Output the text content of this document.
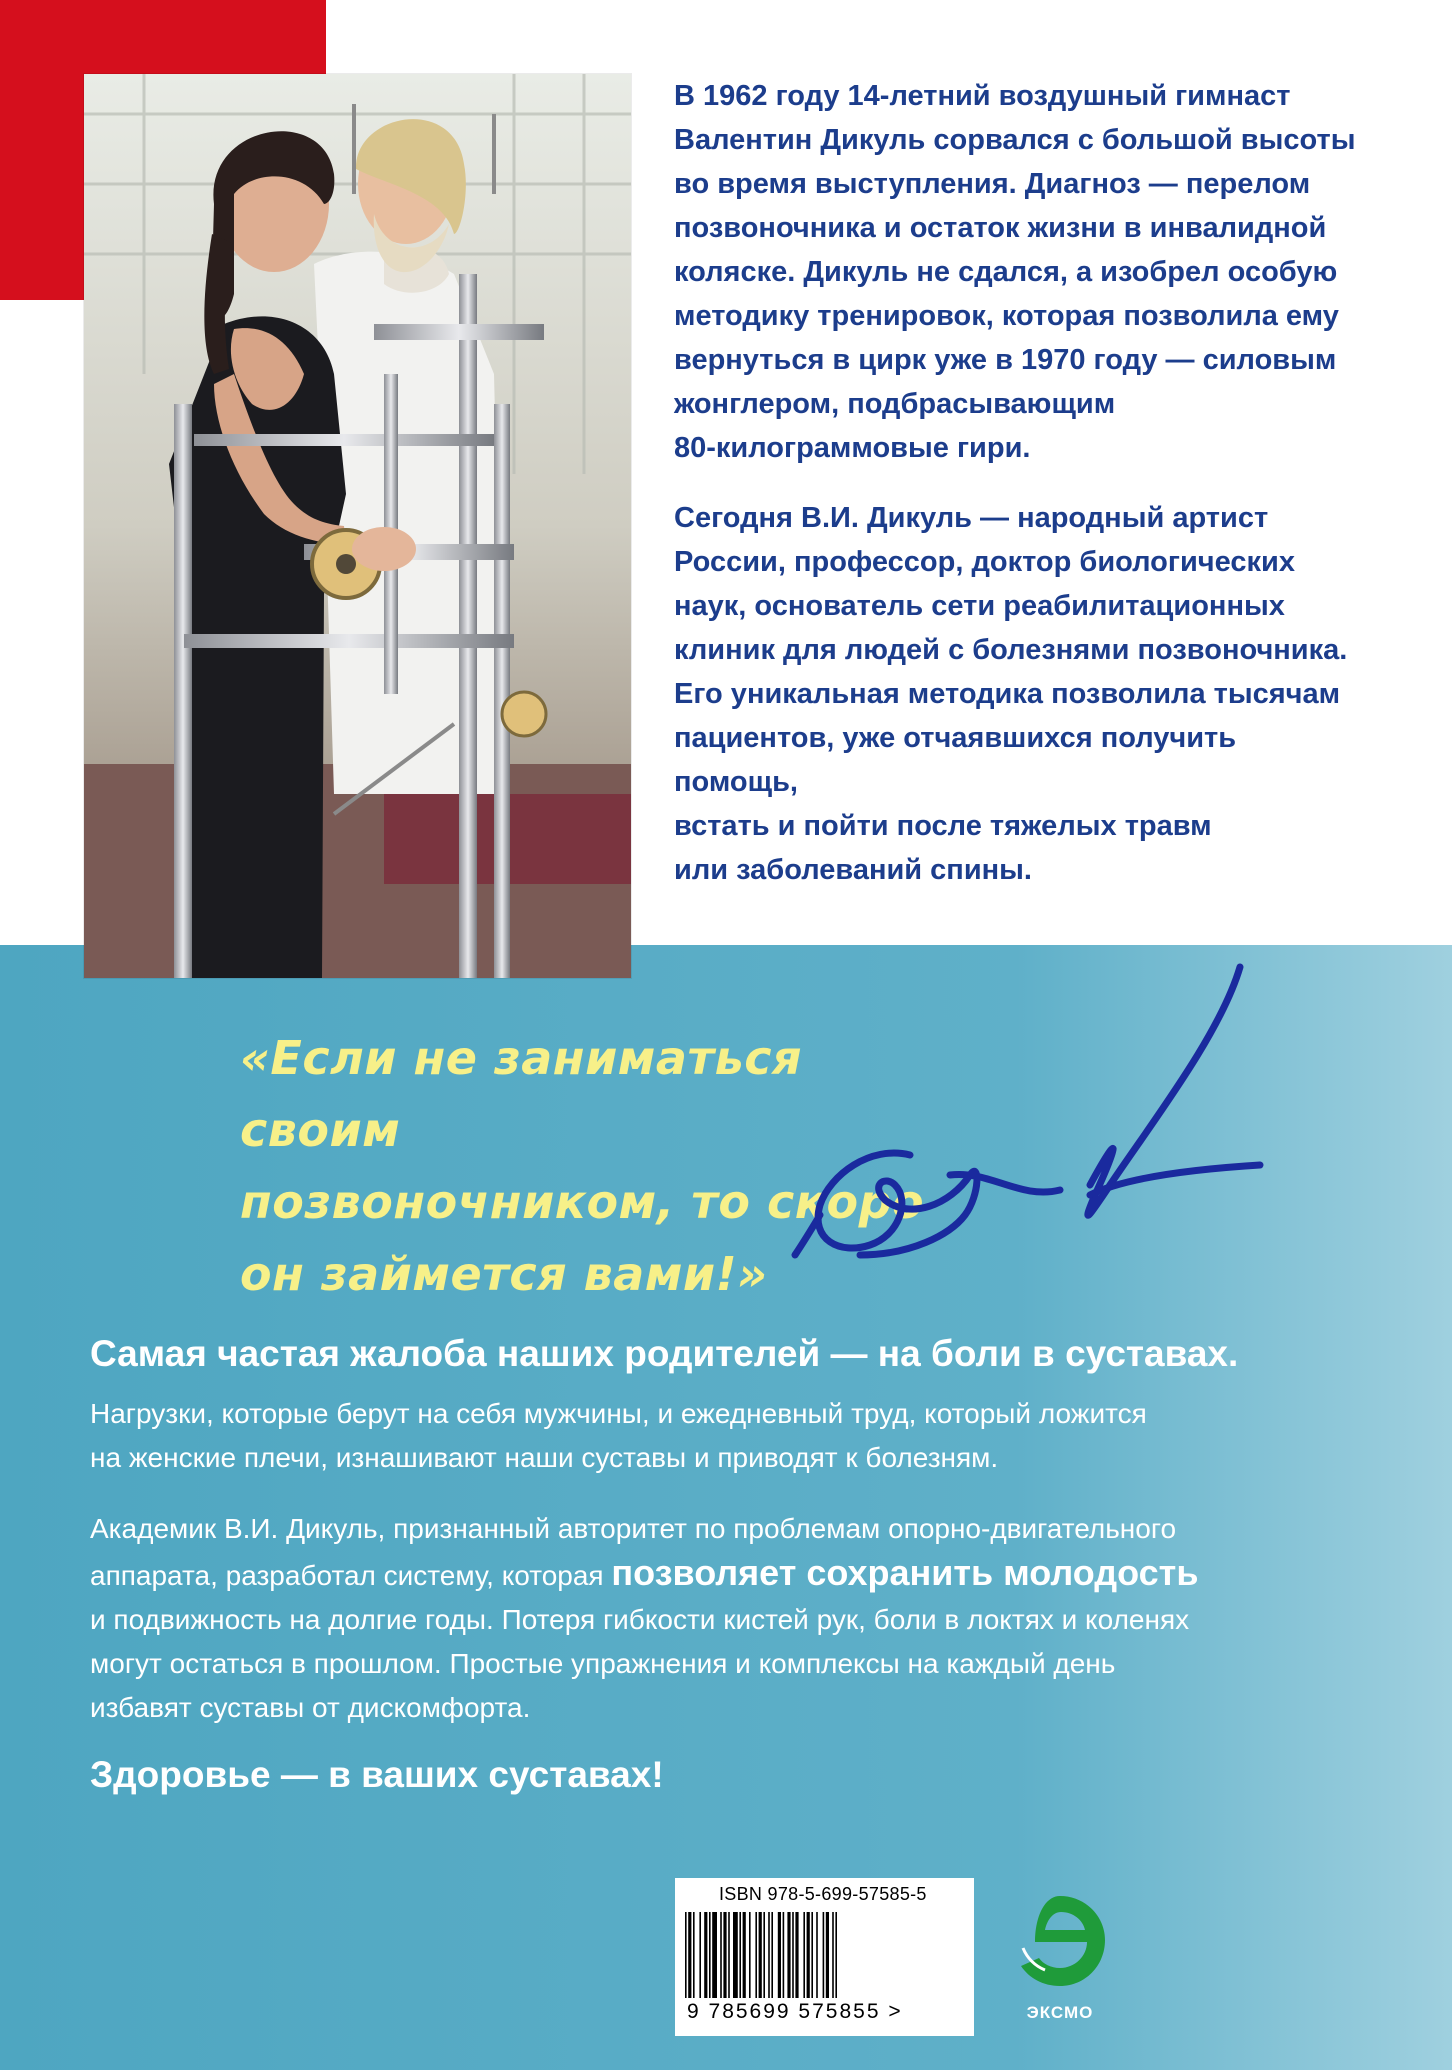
В 1962 году 14-летний воздушный гимнаст
Валентин Дикуль сорвался с большой высоты
во время выступления. Диагноз — перелом
позвоночника и остаток жизни в инвалидной
коляске. Дикуль не сдался, а изобрел особую
методику тренировок, которая позволила ему
вернуться в цирк уже в 1970 году — силовым
жонглером, подбрасывающим
80-килограммовые гири.

Сегодня В.И. Дикуль — народный артист
России, профессор, доктор биологических
наук, основатель сети реабилитационных
клиник для людей с болезнями позвоночника.
Его уникальная методика позволила тысячам
пациентов, уже отчаявшихся получить помощь,
встать и пойти после тяжелых травм
или заболеваний спины.

«Если не заниматься своим
позвоночником, то скоро
он займется вами!»

Самая частая жалоба наших родителей — на боли в суставах.

Нагрузки, которые берут на себя мужчины, и ежедневный труд, который ложится
на женские плечи, изнашивают наши суставы и приводят к болезням.
Академик В.И. Дикуль, признанный авторитет по проблемам опорно-двигательного
аппарата, разработал систему, которая позволяет сохранить молодость
и подвижность на долгие годы. Потеря гибкости кистей рук, боли в локтях и коленях
могут остаться в прошлом. Простые упражнения и комплексы на каждый день
избавят суставы от дискомфорта.

Здоровье — в ваших суставах!

ISBN 978-5-699-57585-5
9 785699 575855 >	ЭКСМО
